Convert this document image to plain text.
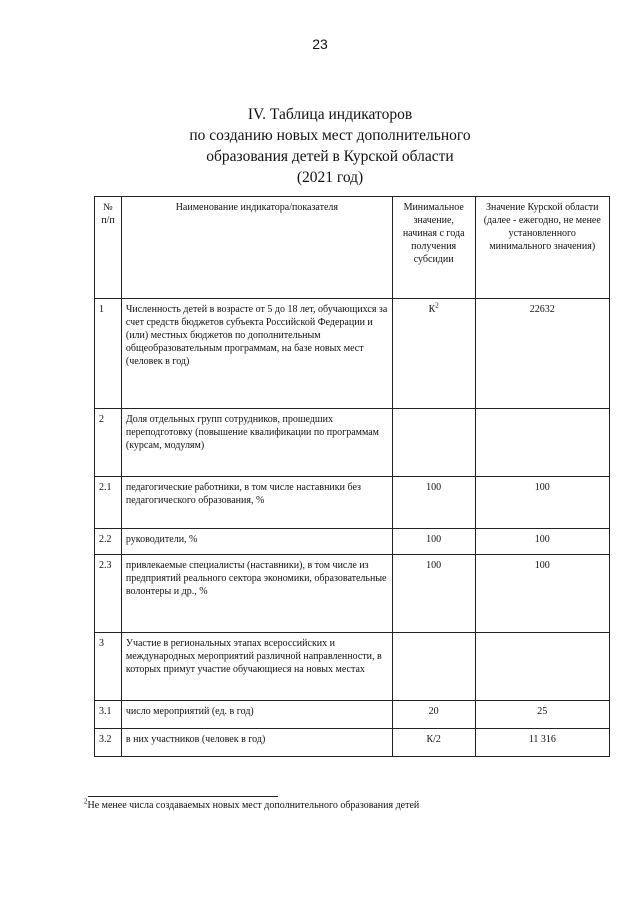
23
IV. Таблица индикаторов
по созданию новых мест дополнительного
образования детей в Курской области
(2021 год)
№ п/п	Наименование индикатора/показателя	Минимальное значение, начиная с года получения субсидии	Значение Курской области (далее - ежегодно, не менее установленного минимального значения)
1	Численность детей в возрасте от 5 до 18 лет, обучающихся за счет средств бюджетов субъекта Российской Федерации и (или) местных бюджетов по дополнительным общеобразовательным программам, на базе новых мест (человек в год)	$К^2$	22632
2	Доля отдельных групп сотрудников, прошедших переподготовку (повышение квалификации по программам (курсам, модулям)		
2.1	педагогические работники, в том числе наставники без педагогического образования, %	100	100
2.2	руководители, %	100	100
2.3	привлекаемые специалисты (наставники), в том числе из предприятий реального сектора экономики, образовательные волонтеры и др., %	100	100
3	Участие в региональных этапах всероссийских и международных мероприятий различной направленности, в которых примут участие обучающиеся на новых местах		
3.1	число мероприятий (ед. в год)	20	25
3.2	в них участников (человек в год)	К/2	11 316
$^2$Не менее числа создаваемых новых мест дополнительного образования детей
